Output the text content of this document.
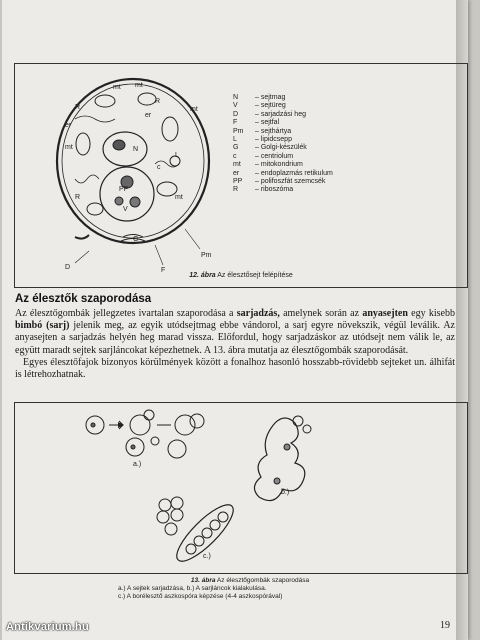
mt mt
R
mt
er
R
er
mt	N
c
L
PP
V
mt
R
G
D	F
Pm
N – sejtmag
V – sejtüreg
D – sarjadzási heg
F	– sejtfal
Pm – sejthártya
L	– lipidcsepp
G – Golgi-készülék
c	– centriolum
mt – mitokondrium
er – endoplazmás retikulum
PP – polifoszfát szemcsék
R – riboszóma
12. ábra Az élesztősejt felépítése
Az élesztők szaporodása

Az élesztőgombák jellegzetes ivartalan szaporodása a sarjadzás, amelynek során az anyasejten egy kisebb bimbó (sarj) jelenik meg, az egyik utódsejtmag ebbe vándorol, a sarj egyre növekszik, végül leválik. Az anyasejten a sarjadzás helyén heg marad vissza. Előfordul, hogy sarjadzáskor az utódsejt nem válik le, az együtt maradt sejtek sarjláncokat képezhetnek. A 13. ábra mutatja az élesztőgombák szaporodását.

Egyes élesztőfajok bizonyos körülmények között a fonalhoz hasonló hosszabb-rövidebb sejteket un. álhifát is létrehozhatnak.

a.)
b.)
c.)
13. ábra Az élesztőgombák szaporodása
a.) A sejtek sarjadzása, b.) A sarjláncok kialakulása.
c.) A borélesztő aszkospóra képzése (4-4 aszkospórával)
19
Antikvarium.hu
